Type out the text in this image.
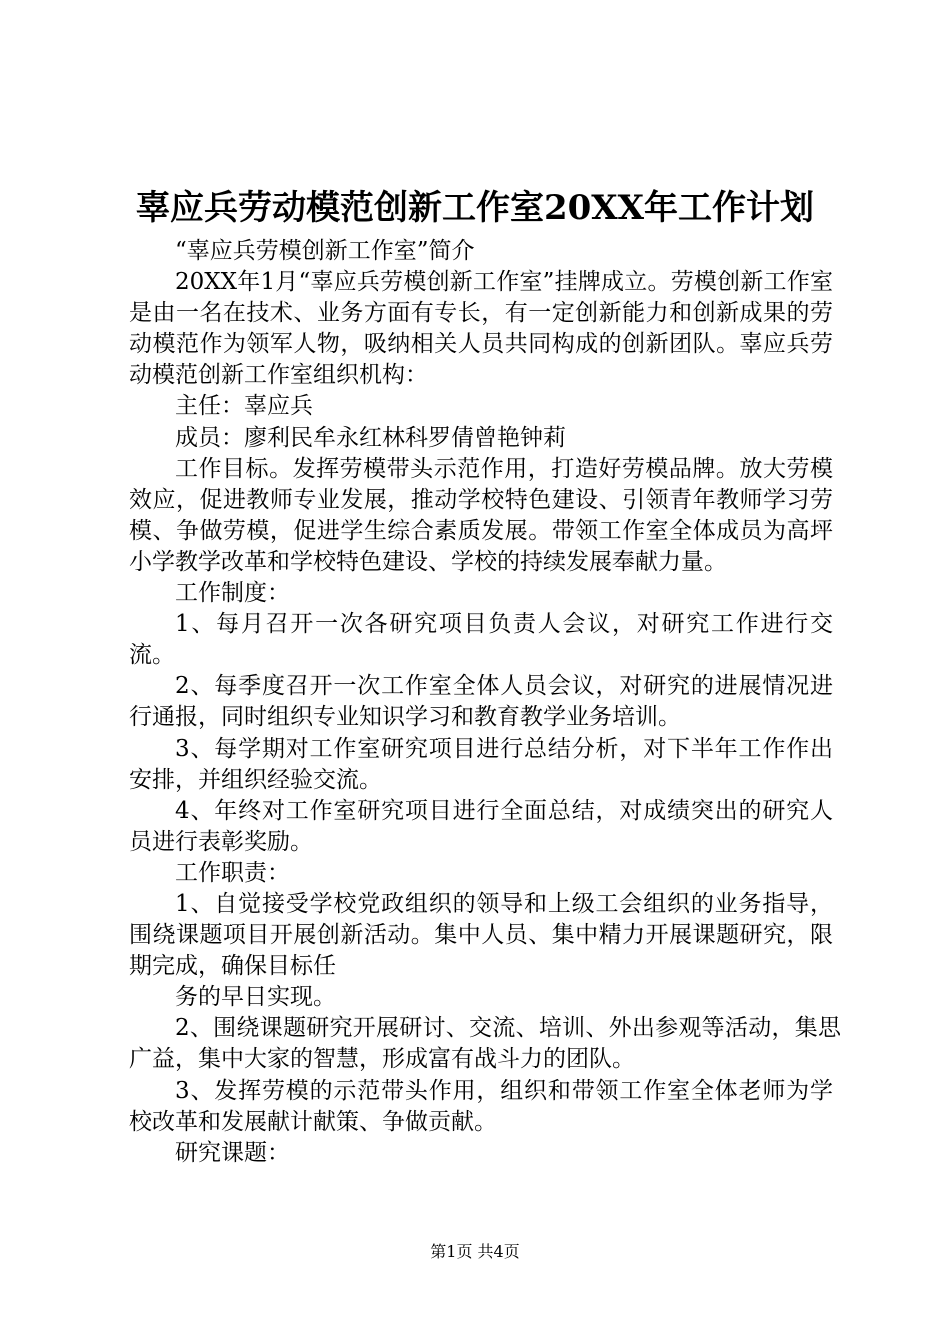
辜应兵劳动模范创新工作室20XX年工作计划

“辜应兵劳模创新工作室”简介

20XX年1月“辜应兵劳模创新工作室”挂牌成立。劳模创新工作室是由一名在技术、业务方面有专长，有一定创新能力和创新成果的劳动模范作为领军人物，吸纳相关人员共同构成的创新团队。辜应兵劳动模范创新工作室组织机构：

主任：辜应兵

成员：廖利民牟永红林科罗倩曾艳钟莉

工作目标。发挥劳模带头示范作用，打造好劳模品牌。放大劳模效应，促进教师专业发展，推动学校特色建设、引领青年教师学习劳模、争做劳模，促进学生综合素质发展。带领工作室全体成员为高坪小学教学改革和学校特色建设、学校的持续发展奉献力量。

工作制度：

1、每月召开一次各研究项目负责人会议，对研究工作进行交流。

2、每季度召开一次工作室全体人员会议，对研究的进展情况进行通报，同时组织专业知识学习和教育教学业务培训。

3、每学期对工作室研究项目进行总结分析，对下半年工作作出安排，并组织经验交流。

4、年终对工作室研究项目进行全面总结，对成绩突出的研究人员进行表彰奖励。

工作职责：

1、自觉接受学校党政组织的领导和上级工会组织的业务指导，围绕课题项目开展创新活动。集中人员、集中精力开展课题研究，限期完成，确保目标任

务的早日实现。

2、围绕课题研究开展研讨、交流、培训、外出参观等活动，集思广益，集中大家的智慧，形成富有战斗力的团队。

3、发挥劳模的示范带头作用，组织和带领工作室全体老师为学校改革和发展献计献策、争做贡献。

研究课题：

第1页 共4页
